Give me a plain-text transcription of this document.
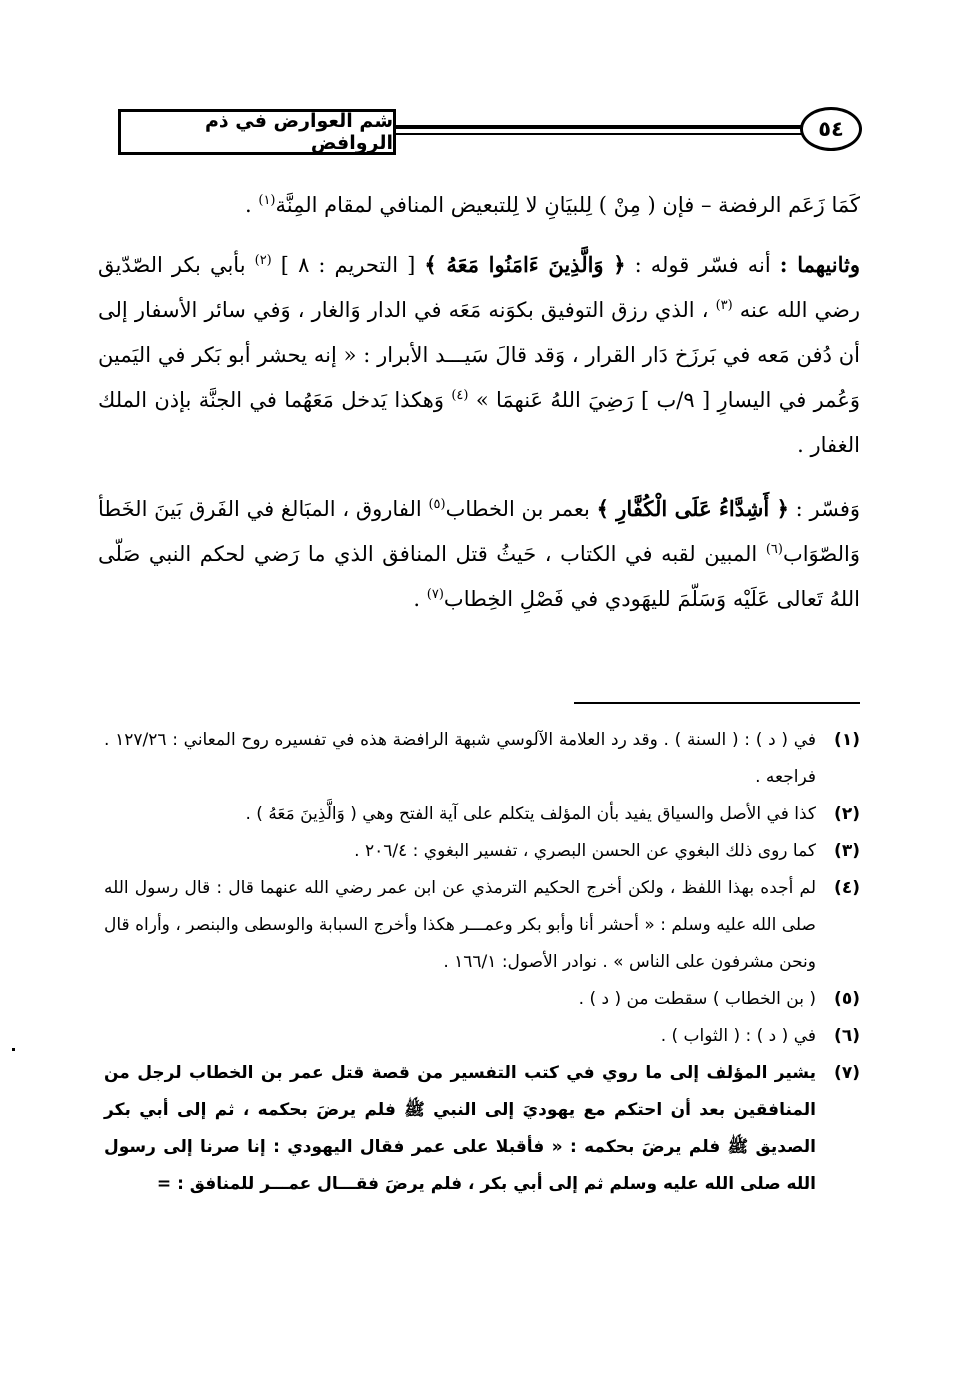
شم العوارض في ذم الروافض
٥٤

كَمَا زَعَم الرفضة – فإن ( مِنْ ) لِلبيَانِ لا لِلتبعيض المنافي لمقام المِنَّة$^{(١)}$ .

وثانيهما : أنه فسّر قوله : ﴿ وَالَّذِينَ ءَامَنُوا مَعَهُ ﴾ [ التحريم : ٨ ] $^{(٢)}$ بأبي بكر الصّدّيق رضي الله عنه $^{(٣)}$ ، الذي رزق التوفيق بكوَنه مَعَه في الدار وَالغار ، وَفي سائر الأسفار إلى أن دُفن مَعه في بَرزَخ دَار القرار ، وَقد قالَ سَيـــد الأبرار : « إنه يحشر أبو بَكر في اليَمين وَعُمر في اليسارِ [ ٩/ب ] رَضِيَ اللهُ عَنهمَا » $^{(٤)}$ وَهكذا يَدخل مَعَهُما في الجنَّة بإذن الملك الغفار .

وَفسّر : ﴿ أَشِدَّاءُ عَلَى الْكُفَّارِ ﴾ بعمر بن الخطاب$^{(٥)}$ الفاروق ، المبَالغ في الفَرق بَينَ الخَطأ وَالصّوَاب$^{(٦)}$ المبين لقبه في الكتاب ، حَيثُ قتل المنافق الذي ما رَضي لحكم النبي صَلّى اللهُ تَعالى عَلَيْه وَسَلّمَ لليهَودي في فَصْلِ الخِطاب$^{(٧)}$ .

(١)
في ( د ) : ( السنة ) . وقد رد العلامة الآلوسي شبهة الرافضة هذه في تفسيره روح المعاني : ١٢٧/٢٦ . فراجعه .
(٢)
كذا في الأصل والسياق يفيد بأن المؤلف يتكلم على آية الفتح وهي ( وَالَّذِينَ مَعَهُ ) .
(٣)
كما روى ذلك البغوي عن الحسن البصري ، تفسير البغوي : ٢٠٦/٤ .
(٤)
لم أجده بهذا اللفظ ، ولكن أخرج الحكيم الترمذي عن ابن عمر رضي الله عنهما قال : قال رسول الله صلى الله عليه وسلم : « أحشر أنا وأبو بكر وعمـــر هكذا وأخرج السبابة والوسطى والبنصر ، وأراه قال ونحن مشرفون على الناس » . نوادر الأصول: ١٦٦/١ .
(٥)
( بن الخطاب ) سقطت من ( د ) .
(٦)
في ( د ) : ( الثواب ) .
(٧)
يشير المؤلف إلى ما روي في كتب التفسير من قصة قتل عمر بن الخطاب لرجل من المنافقين بعد أن احتكم مع يهوديَ إلى النبي ﷺ فلم يرضَ بحكمه ، ثم إلى أبي بكر الصديق ﷺ فلم يرضَ بحكمه : « فأقبلا على عمر فقال اليهودي : إنا صرنا إلى رسول الله صلى الله عليه وسلم ثم إلى أبي بكر ، فلم يرضَ فقـــال عمـــر للمنافق : =
